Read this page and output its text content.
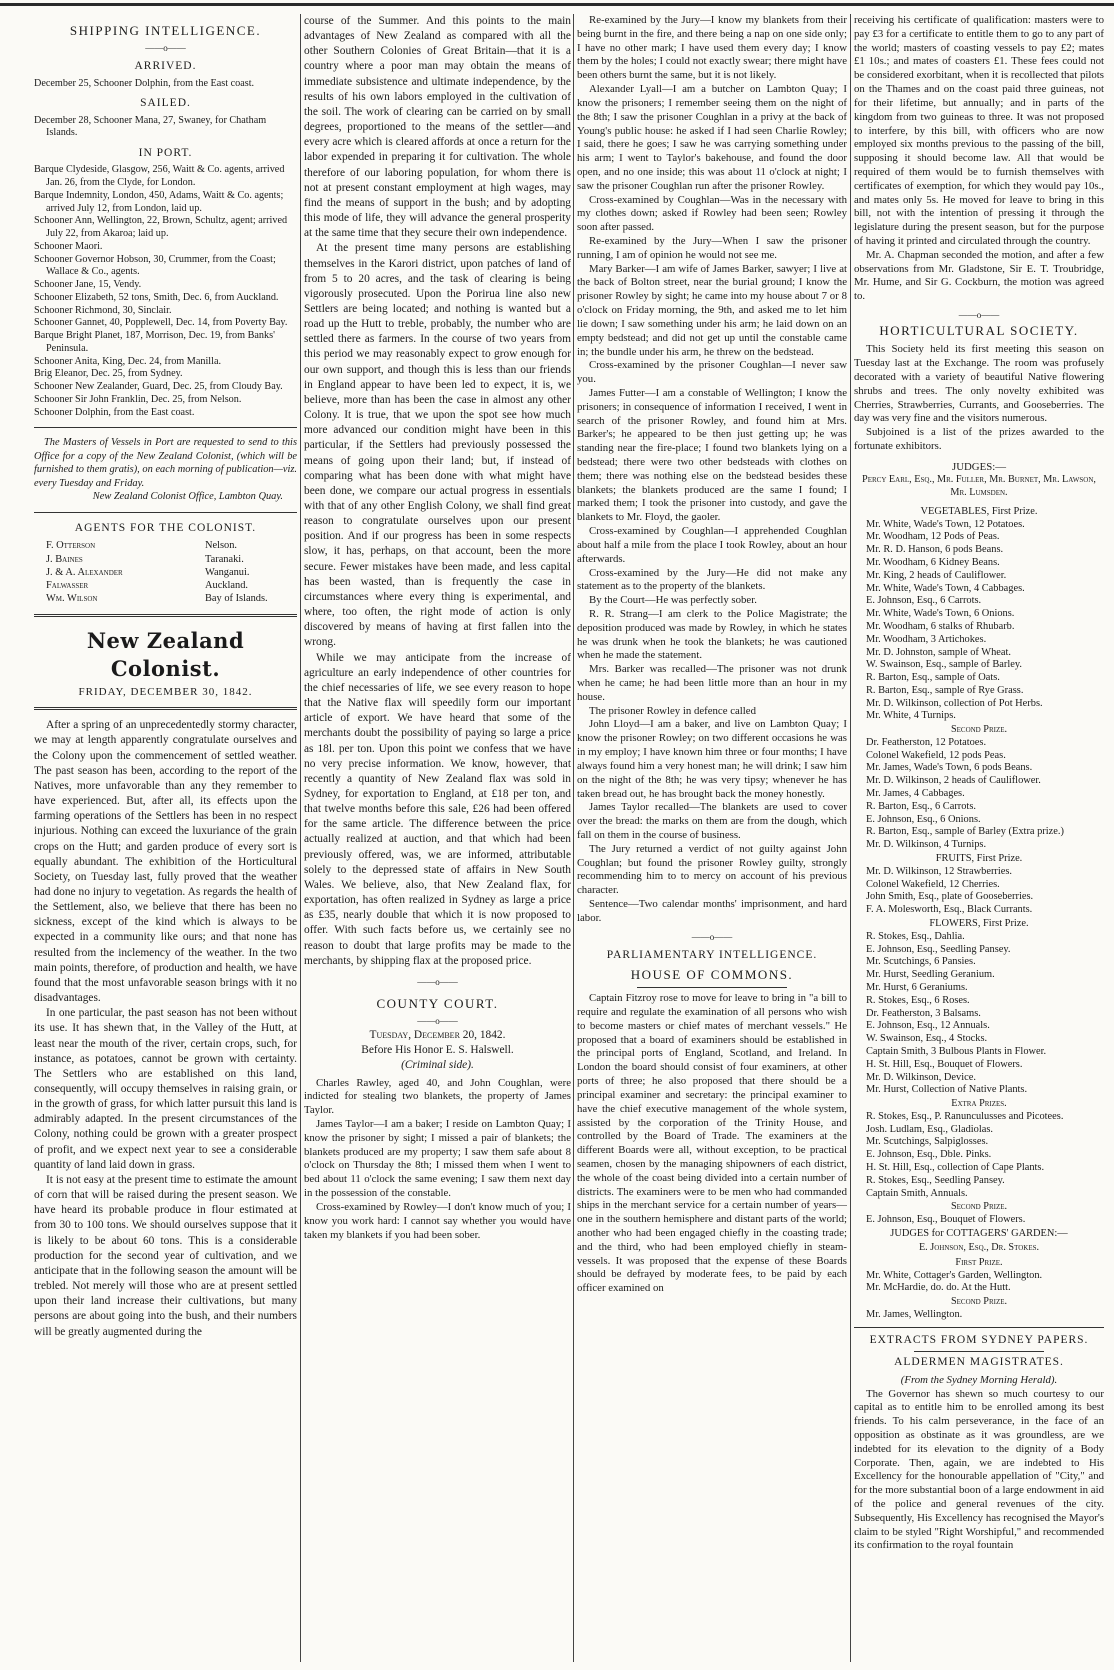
SHIPPING INTELLIGENCE.
——o——
ARRIVED.

December 25, Schooner Dolphin, from the East coast.

SAILED.

December 28, Schooner Mana, 27, Swaney, for Chatham Islands.

IN PORT.

Barque Clydeside, Glasgow, 256, Waitt & Co. agents, arrived Jan. 26, from the Clyde, for London.

Barque Indemnity, London, 450, Adams, Waitt & Co. agents; arrived July 12, from London, laid up.

Schooner Ann, Wellington, 22, Brown, Schultz, agent; arrived July 22, from Akaroa; laid up.

Schooner Maori.

Schooner Governor Hobson, 30, Crummer, from the Coast; Wallace & Co., agents.

Schooner Jane, 15, Vendy.

Schooner Elizabeth, 52 tons, Smith, Dec. 6, from Auckland.

Schooner Richmond, 30, Sinclair.

Schooner Gannet, 40, Popplewell, Dec. 14, from Poverty Bay.

Barque Bright Planet, 187, Morrison, Dec. 19, from Banks' Peninsula.

Schooner Anita, King, Dec. 24, from Manilla.

Brig Eleanor, Dec. 25, from Sydney.

Schooner New Zealander, Guard, Dec. 25, from Cloudy Bay.

Schooner Sir John Franklin, Dec. 25, from Nelson.

Schooner Dolphin, from the East coast.

The Masters of Vessels in Port are requested to send to this Office for a copy of the New Zealand Colonist, (which will be furnished to them gratis), on each morning of publication—viz. every Tuesday and Friday.

New Zealand Colonist Office, Lambton Quay.
AGENTS FOR THE COLONIST.
F. Otterson	Nelson.
J. Baines	Taranaki.
J. & A. Alexander	Wanganui.
Falwasser	Auckland.
Wm. Wilson	Bay of Islands.
New Zealand Colonist.
FRIDAY, DECEMBER 30, 1842.

After a spring of an unprecedentedly stormy character, we may at length apparently congratulate ourselves and the Colony upon the commencement of settled weather. The past season has been, according to the report of the Natives, more unfavorable than any they remember to have experienced. But, after all, its effects upon the farming operations of the Settlers has been in no respect injurious. Nothing can exceed the luxuriance of the grain crops on the Hutt; and garden produce of every sort is equally abundant. The exhibition of the Horticultural Society, on Tuesday last, fully proved that the weather had done no injury to vegetation. As regards the health of the Settlement, also, we believe that there has been no sickness, except of the kind which is always to be expected in a community like ours; and that none has resulted from the inclemency of the weather. In the two main points, therefore, of production and health, we have found that the most unfavorable season brings with it no disadvantages.

In one particular, the past season has not been without its use. It has shewn that, in the Valley of the Hutt, at least near the mouth of the river, certain crops, such, for instance, as potatoes, cannot be grown with certainty. The Settlers who are established on this land, consequently, will occupy themselves in raising grain, or in the growth of grass, for which latter pursuit this land is admirably adapted. In the present circumstances of the Colony, nothing could be grown with a greater prospect of profit, and we expect next year to see a considerable quantity of land laid down in grass.

It is not easy at the present time to estimate the amount of corn that will be raised during the present season. We have heard its probable produce in flour estimated at from 30 to 100 tons. We should ourselves suppose that it is likely to be about 60 tons. This is a considerable production for the second year of cultivation, and we anticipate that in the following season the amount will be trebled. Not merely will those who are at present settled upon their land increase their cultivations, but many persons are about going into the bush, and their numbers will be greatly augmented during the

course of the Summer. And this points to the main advantages of New Zealand as compared with all the other Southern Colonies of Great Britain—that it is a country where a poor man may obtain the means of immediate subsistence and ultimate independence, by the results of his own labors employed in the cultivation of the soil. The work of clearing can be carried on by small degrees, proportioned to the means of the settler—and every acre which is cleared affords at once a return for the labor expended in preparing it for cultivation. The whole therefore of our laboring population, for whom there is not at present constant employment at high wages, may find the means of support in the bush; and by adopting this mode of life, they will advance the general prosperity at the same time that they secure their own independence.

At the present time many persons are establishing themselves in the Karori district, upon patches of land of from 5 to 20 acres, and the task of clearing is being vigorously prosecuted. Upon the Porirua line also new Settlers are being located; and nothing is wanted but a road up the Hutt to treble, probably, the number who are settled there as farmers. In the course of two years from this period we may reasonably expect to grow enough for our own support, and though this is less than our friends in England appear to have been led to expect, it is, we believe, more than has been the case in almost any other Colony. It is true, that we upon the spot see how much more advanced our condition might have been in this particular, if the Settlers had previously possessed the means of going upon their land; but, if instead of comparing what has been done with what might have been done, we compare our actual progress in essentials with that of any other English Colony, we shall find great reason to congratulate ourselves upon our present position. And if our progress has been in some respects slow, it has, perhaps, on that account, been the more secure. Fewer mistakes have been made, and less capital has been wasted, than is frequently the case in circumstances where every thing is experimental, and where, too often, the right mode of action is only discovered by means of having at first fallen into the wrong.

While we may anticipate from the increase of agriculture an early independence of other countries for the chief necessaries of life, we see every reason to hope that the Native flax will speedily form our important article of export. We have heard that some of the merchants doubt the possibility of paying so large a price as 18l. per ton. Upon this point we confess that we have no very precise information. We know, however, that recently a quantity of New Zealand flax was sold in Sydney, for exportation to England, at £18 per ton, and that twelve months before this sale, £26 had been offered for the same article. The difference between the price actually realized at auction, and that which had been previously offered, was, we are informed, attributable solely to the depressed state of affairs in New South Wales. We believe, also, that New Zealand flax, for exportation, has often realized in Sydney as large a price as £35, nearly double that which it is now proposed to offer. With such facts before us, we certainly see no reason to doubt that large profits may be made to the merchants, by shipping flax at the proposed price.

——o——
COUNTY COURT.
——o——
Tuesday, December 20, 1842.
Before His Honor E. S. Halswell.
(Criminal side).

Charles Rawley, aged 40, and John Coughlan, were indicted for stealing two blankets, the property of James Taylor.

James Taylor—I am a baker; I reside on Lambton Quay; I know the prisoner by sight; I missed a pair of blankets; the blankets produced are my property; I saw them safe about 8 o'clock on Thursday the 8th; I missed them when I went to bed about 11 o'clock the same evening; I saw them next day in the possession of the constable.

Cross-examined by Rowley—I don't know much of you; I know you work hard: I cannot say whether you would have taken my blankets if you had been sober.

Re-examined by the Jury—I know my blankets from their being burnt in the fire, and there being a nap on one side only; I have no other mark; I have used them every day; I know them by the holes; I could not exactly swear; there might have been others burnt the same, but it is not likely.

Alexander Lyall—I am a butcher on Lambton Quay; I know the prisoners; I remember seeing them on the night of the 8th; I saw the prisoner Coughlan in a privy at the back of Young's public house: he asked if I had seen Charlie Rowley; I said, there he goes; I saw he was carrying something under his arm; I went to Taylor's bakehouse, and found the door open, and no one inside; this was about 11 o'clock at night; I saw the prisoner Coughlan run after the prisoner Rowley.

Cross-examined by Coughlan—Was in the necessary with my clothes down; asked if Rowley had been seen; Rowley soon after passed.

Re-examined by the Jury—When I saw the prisoner running, I am of opinion he would not see me.

Mary Barker—I am wife of James Barker, sawyer; I live at the back of Bolton street, near the burial ground; I know the prisoner Rowley by sight; he came into my house about 7 or 8 o'clock on Friday morning, the 9th, and asked me to let him lie down; I saw something under his arm; he laid down on an empty bedstead; and did not get up until the constable came in; the bundle under his arm, he threw on the bedstead.

Cross-examined by the prisoner Coughlan—I never saw you.

James Futter—I am a constable of Wellington; I know the prisoners; in consequence of information I received, I went in search of the prisoner Rowley, and found him at Mrs. Barker's; he appeared to be then just getting up; he was standing near the fire-place; I found two blankets lying on a bedstead; there were two other bedsteads with clothes on them; there was nothing else on the bedstead besides these blankets; the blankets produced are the same I found; I marked them; I took the prisoner into custody, and gave the blankets to Mr. Floyd, the gaoler.

Cross-examined by Coughlan—I apprehended Coughlan about half a mile from the place I took Rowley, about an hour afterwards.

Cross-examined by the Jury—He did not make any statement as to the property of the blankets.

By the Court—He was perfectly sober.

R. R. Strang—I am clerk to the Police Magistrate; the deposition produced was made by Rowley, in which he states he was drunk when he took the blankets; he was cautioned when he made the statement.

Mrs. Barker was recalled—The prisoner was not drunk when he came; he had been little more than an hour in my house.

The prisoner Rowley in defence called

John Lloyd—I am a baker, and live on Lambton Quay; I know the prisoner Rowley; on two different occasions he was in my employ; I have known him three or four months; I have always found him a very honest man; he will drink; I saw him on the night of the 8th; he was very tipsy; whenever he has taken bread out, he has brought back the money honestly.

James Taylor recalled—The blankets are used to cover over the bread: the marks on them are from the dough, which fall on them in the course of business.

The Jury returned a verdict of not guilty against John Coughlan; but found the prisoner Rowley guilty, strongly recommending him to to mercy on account of his previous character.

Sentence—Two calendar months' imprisonment, and hard labor.

——o——
PARLIAMENTARY INTELLIGENCE.
HOUSE OF COMMONS.

Captain Fitzroy rose to move for leave to bring in "a bill to require and regulate the examination of all persons who wish to become masters or chief mates of merchant vessels." He proposed that a board of examiners should be established in the principal ports of England, Scotland, and Ireland. In London the board should consist of four examiners, at other ports of three; he also proposed that there should be a principal examiner and secretary: the principal examiner to have the chief executive management of the whole system, assisted by the corporation of the Trinity House, and controlled by the Board of Trade. The examiners at the different Boards were all, without exception, to be practical seamen, chosen by the managing shipowners of each district, the whole of the coast being divided into a certain number of districts. The examiners were to be men who had commanded ships in the merchant service for a certain number of years—one in the southern hemisphere and distant parts of the world; another who had been engaged chiefly in the coasting trade; and the third, who had been employed chiefly in steam-vessels. It was proposed that the expense of these Boards should be defrayed by moderate fees, to be paid by each officer examined on

receiving his certificate of qualification: masters were to pay £3 for a certificate to entitle them to go to any part of the world; masters of coasting vessels to pay £2; mates £1 10s.; and mates of coasters £1. These fees could not be considered exorbitant, when it is recollected that pilots on the Thames and on the coast paid three guineas, not for their lifetime, but annually; and in parts of the kingdom from two guineas to three. It was not proposed to interfere, by this bill, with officers who are now employed six months previous to the passing of the bill, supposing it should become law. All that would be required of them would be to furnish themselves with certificates of exemption, for which they would pay 10s., and mates only 5s. He moved for leave to bring in this bill, not with the intention of pressing it through the legislature during the present season, but for the purpose of having it printed and circulated through the country.

Mr. A. Chapman seconded the motion, and after a few observations from Mr. Gladstone, Sir E. T. Troubridge, Mr. Hume, and Sir G. Cockburn, the motion was agreed to.

——o——
HORTICULTURAL SOCIETY.

This Society held its first meeting this season on Tuesday last at the Exchange. The room was profusely decorated with a variety of beautiful Native flowering shrubs and trees. The only novelty exhibited was Cherries, Strawberries, Currants, and Gooseberries. The day was very fine and the visitors numerous.

Subjoined is a list of the prizes awarded to the fortunate exhibitors.

JUDGES:—
Percy Earl, Esq., Mr. Fuller, Mr. Burnet, Mr. Lawson, Mr. Lumsden.
VEGETABLES, First Prize.
Mr. White, Wade's Town, 12 Potatoes.
Mr. Woodham, 12 Pods of Peas.
Mr. R. D. Hanson, 6 pods Beans.
Mr. Woodham, 6 Kidney Beans.
Mr. King, 2 heads of Cauliflower.
Mr. White, Wade's Town, 4 Cabbages.
E. Johnson, Esq., 6 Carrots.
Mr. White, Wade's Town, 6 Onions.
Mr. Woodham, 6 stalks of Rhubarb.
Mr. Woodham, 3 Artichokes.
Mr. D. Johnston, sample of Wheat.
W. Swainson, Esq., sample of Barley.
R. Barton, Esq., sample of Oats.
R. Barton, Esq., sample of Rye Grass.
Mr. D. Wilkinson, collection of Pot Herbs.
Mr. White, 4 Turnips.
Second Prize.
Dr. Featherston, 12 Potatoes.
Colonel Wakefield, 12 pods Peas.
Mr. James, Wade's Town, 6 pods Beans.
Mr. D. Wilkinson, 2 heads of Cauliflower.
Mr. James, 4 Cabbages.
R. Barton, Esq., 6 Carrots.
E. Johnson, Esq., 6 Onions.
R. Barton, Esq., sample of Barley (Extra prize.)
Mr. D. Wilkinson, 4 Turnips.
FRUITS, First Prize.
Mr. D. Wilkinson, 12 Strawberries.
Colonel Wakefield, 12 Cherries.
John Smith, Esq., plate of Gooseberries.
F. A. Molesworth, Esq., Black Currants.
FLOWERS, First Prize.
R. Stokes, Esq., Dahlia.
E. Johnson, Esq., Seedling Pansey.
Mr. Scutchings, 6 Pansies.
Mr. Hurst, Seedling Geranium.
Mr. Hurst, 6 Geraniums.
R. Stokes, Esq., 6 Roses.
Dr. Featherston, 3 Balsams.
E. Johnson, Esq., 12 Annuals.
W. Swainson, Esq., 4 Stocks.
Captain Smith, 3 Bulbous Plants in Flower.
H. St. Hill, Esq., Bouquet of Flowers.
Mr. D. Wilkinson, Device.
Mr. Hurst, Collection of Native Plants.
Extra Prizes.
R. Stokes, Esq., P. Ranunculusses and Picotees.
Josh. Ludlam, Esq., Gladiolas.
Mr. Scutchings, Salpiglosses.
E. Johnson, Esq., Dble. Pinks.
H. St. Hill, Esq., collection of Cape Plants.
R. Stokes, Esq., Seedling Pansey.
Captain Smith, Annuals.
Second Prize.
E. Johnson, Esq., Bouquet of Flowers.
JUDGES for COTTAGERS' GARDEN:—
E. Johnson, Esq., Dr. Stokes.
First Prize.
Mr. White, Cottager's Garden, Wellington.
Mr. McHardie, do. do. At the Hutt.
Second Prize.
Mr. James, Wellington.
EXTRACTS FROM SYDNEY PAPERS.
ALDERMEN MAGISTRATES.
(From the Sydney Morning Herald).

The Governor has shewn so much courtesy to our capital as to entitle him to be enrolled among its best friends. To his calm perseverance, in the face of an opposition as obstinate as it was groundless, are we indebted for its elevation to the dignity of a Body Corporate. Then, again, we are indebted to His Excellency for the honourable appellation of "City," and for the more substantial boon of a large endowment in aid of the police and general revenues of the city. Subsequently, His Excellency has recognised the Mayor's claim to be styled "Right Worshipful," and recommended its confirmation to the royal fountain
